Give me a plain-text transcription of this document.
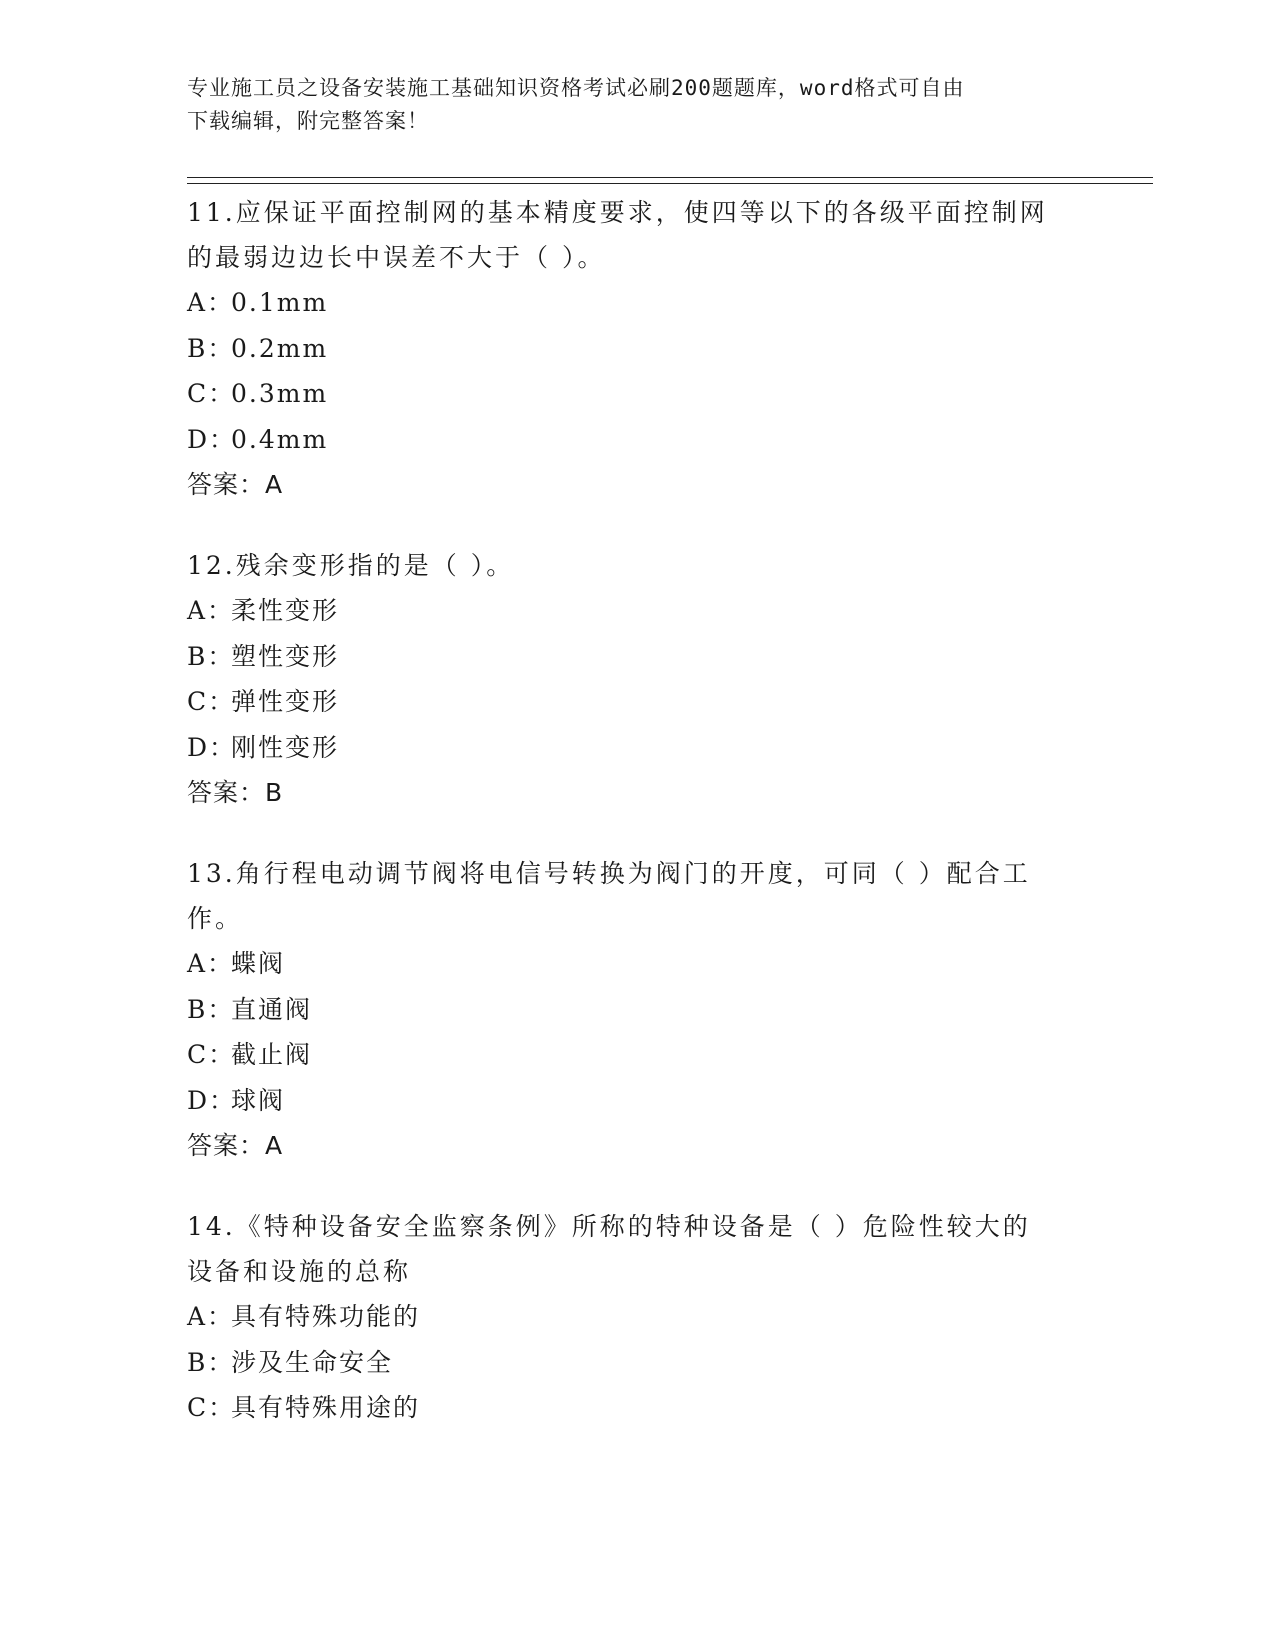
专业施工员之设备安装施工基础知识资格考试必刷200题题库，word格式可自由
下载编辑，附完整答案！

11.应保证平面控制网的基本精度要求，使四等以下的各级平面控制网
的最弱边边长中误差不大于（ ）。

A：0.1mm

B：0.2mm

C：0.3mm

D：0.4mm

答案：A

12.残余变形指的是（ ）。

A：柔性变形

B：塑性变形

C：弹性变形

D：刚性变形

答案：B

13.角行程电动调节阀将电信号转换为阀门的开度，可同（ ）配合工
作。

A：蝶阀

B：直通阀

C：截止阀

D：球阀

答案：A

14.《特种设备安全监察条例》所称的特种设备是（ ）危险性较大的
设备和设施的总称

A：具有特殊功能的

B：涉及生命安全

C：具有特殊用途的
